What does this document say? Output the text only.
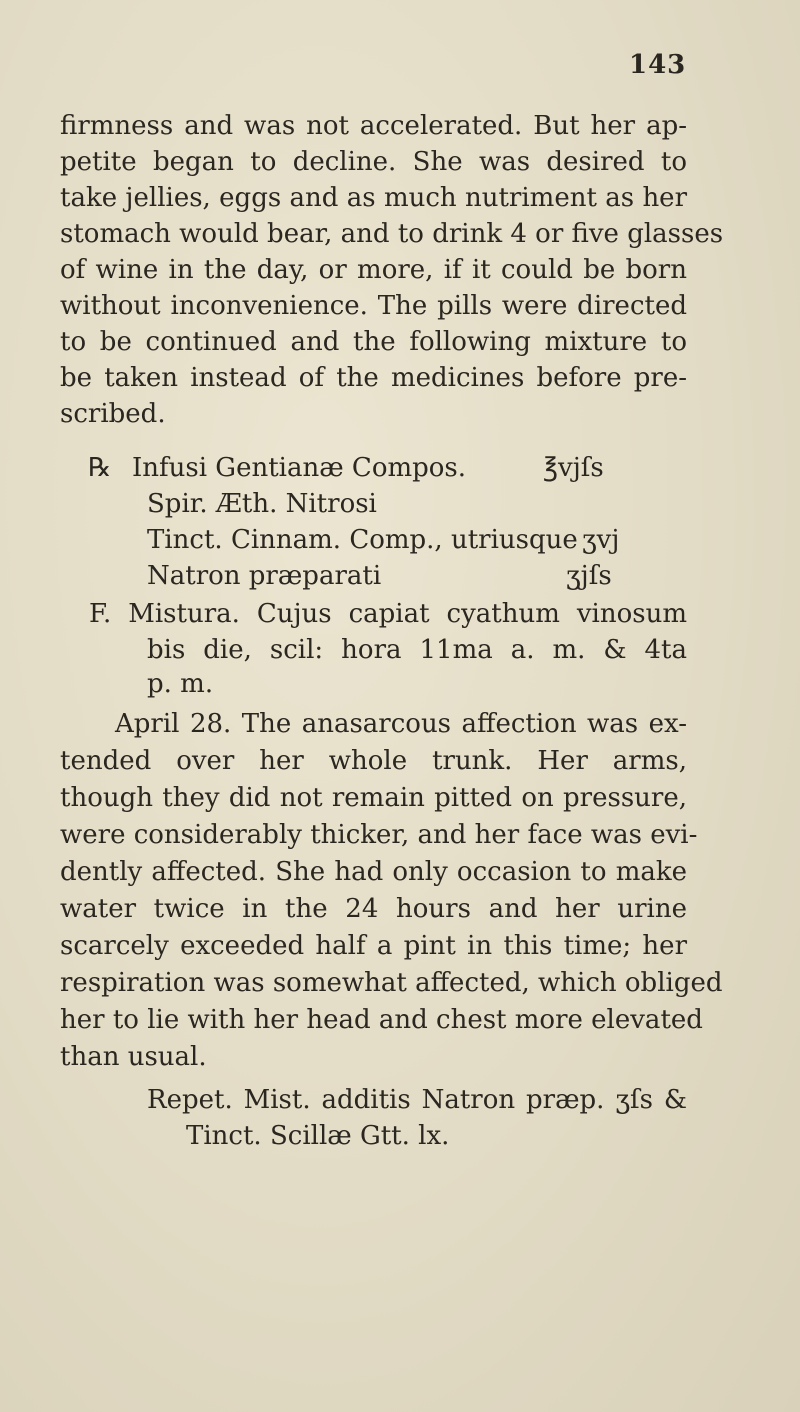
143
firmness and was not accelerated. But her ap-
petite began to decline. She was desired to
take jellies, eggs and as much nutriment as her
stomach would bear, and to drink 4 or five glasses
of wine in the day, or more, if it could be born
without inconvenience. The pills were directed
to be continued and the following mixture to
be taken instead of the medicines before pre-
scribed.
℞ Infusi Gentianæ Compos.	℥vjſs
Spir. Æth. Nitrosi
Tinct. Cinnam. Comp., utriusque ʒvj
Natron præparati	ʒjſs
F. Mistura. Cujus capiat cyathum vinosum
bis die, scil: hora 11ma a. m. & 4ta
p. m.
April 28. The anasarcous affection was ex-
tended over her whole trunk. Her arms,
though they did not remain pitted on pressure,
were considerably thicker, and her face was evi-
dently affected. She had only occasion to make
water twice in the 24 hours and her urine
scarcely exceeded half a pint in this time; her
respiration was somewhat affected, which obliged
her to lie with her head and chest more elevated
than usual.
Repet. Mist. additis Natron præp. ʒſs &
Tinct. Scillæ Gtt. lx.
